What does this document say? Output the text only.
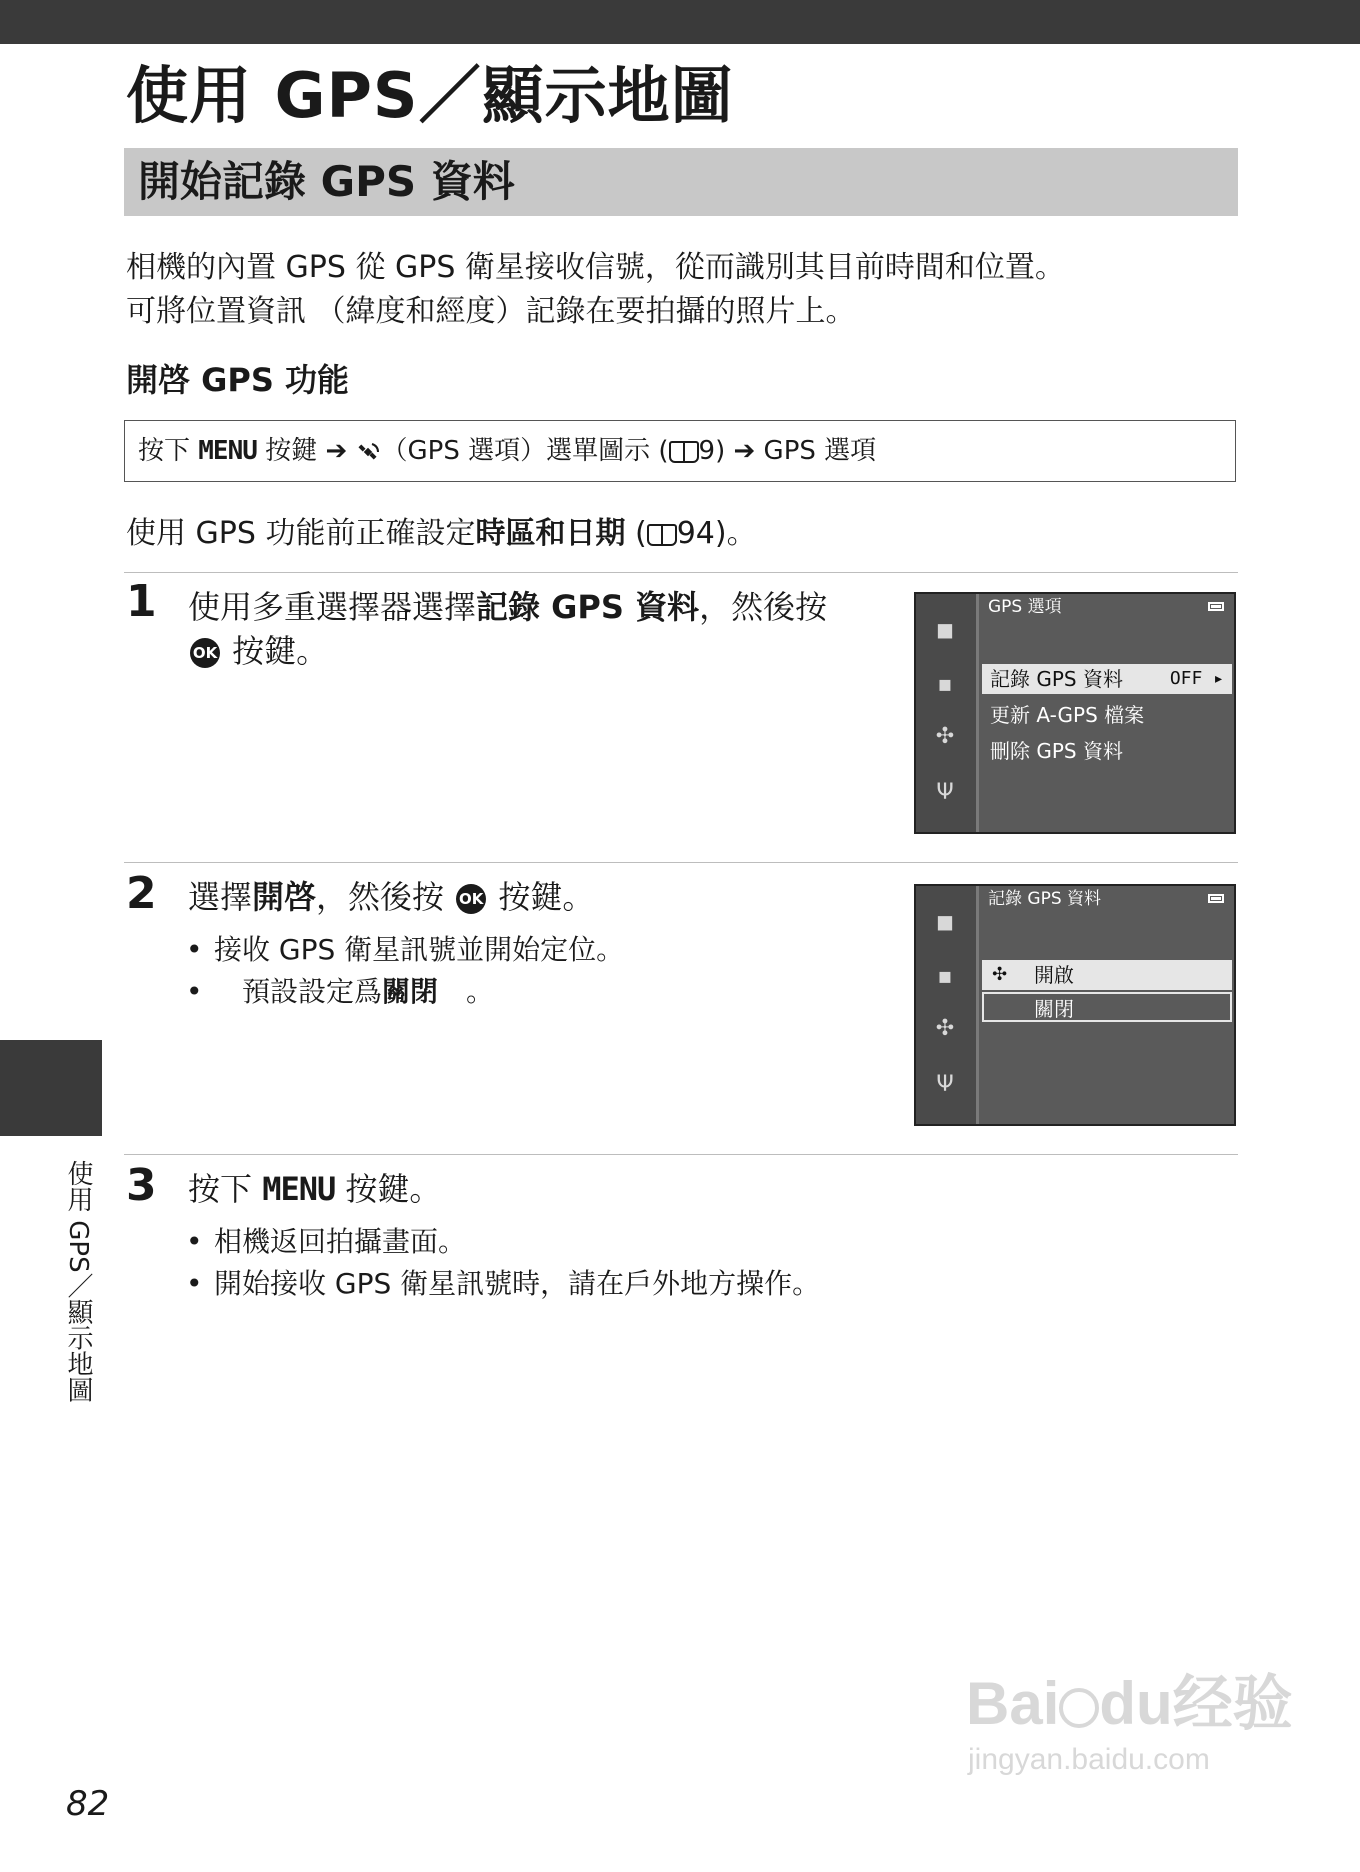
使用 GPS／顯示地圖
開始記錄 GPS 資料
相機的內置 GPS 從 GPS 衛星接收信號，從而識別其目前時間和位置。
可將位置資訊 （緯度和經度）記錄在要拍攝的照片上。
開啓 GPS 功能
按下 MENU 按鍵 ➔ （GPS 選項）選單圖示 ( 9) ➔ GPS 選項
使用 GPS 功能前正確設定時區和日期 ( 94)。
1 使用多重選擇器選擇記錄 GPS 資料，然後按
OK 按鍵。
◼
▪
✣
Ψ
GPS 選項
記錄 GPS 資料	OFF ▸
更新 A-GPS 檔案
刪除 GPS 資料
2 選擇開啓，然後按 OK 按鍵。
• 接收 GPS 衛星訊號並開始定位。
• 預設設定爲關閉 。
◼
▪
✣
Ψ
記錄 GPS 資料
✣ 開啟
關閉
3 按下 MENU 按鍵。
• 相機返回拍攝畫面。
• 開始接收 GPS 衛星訊號時，請在戶外地方操作。
使用 GPS／顯示地圖
82
Bai du经验
jingyan.baidu.com
